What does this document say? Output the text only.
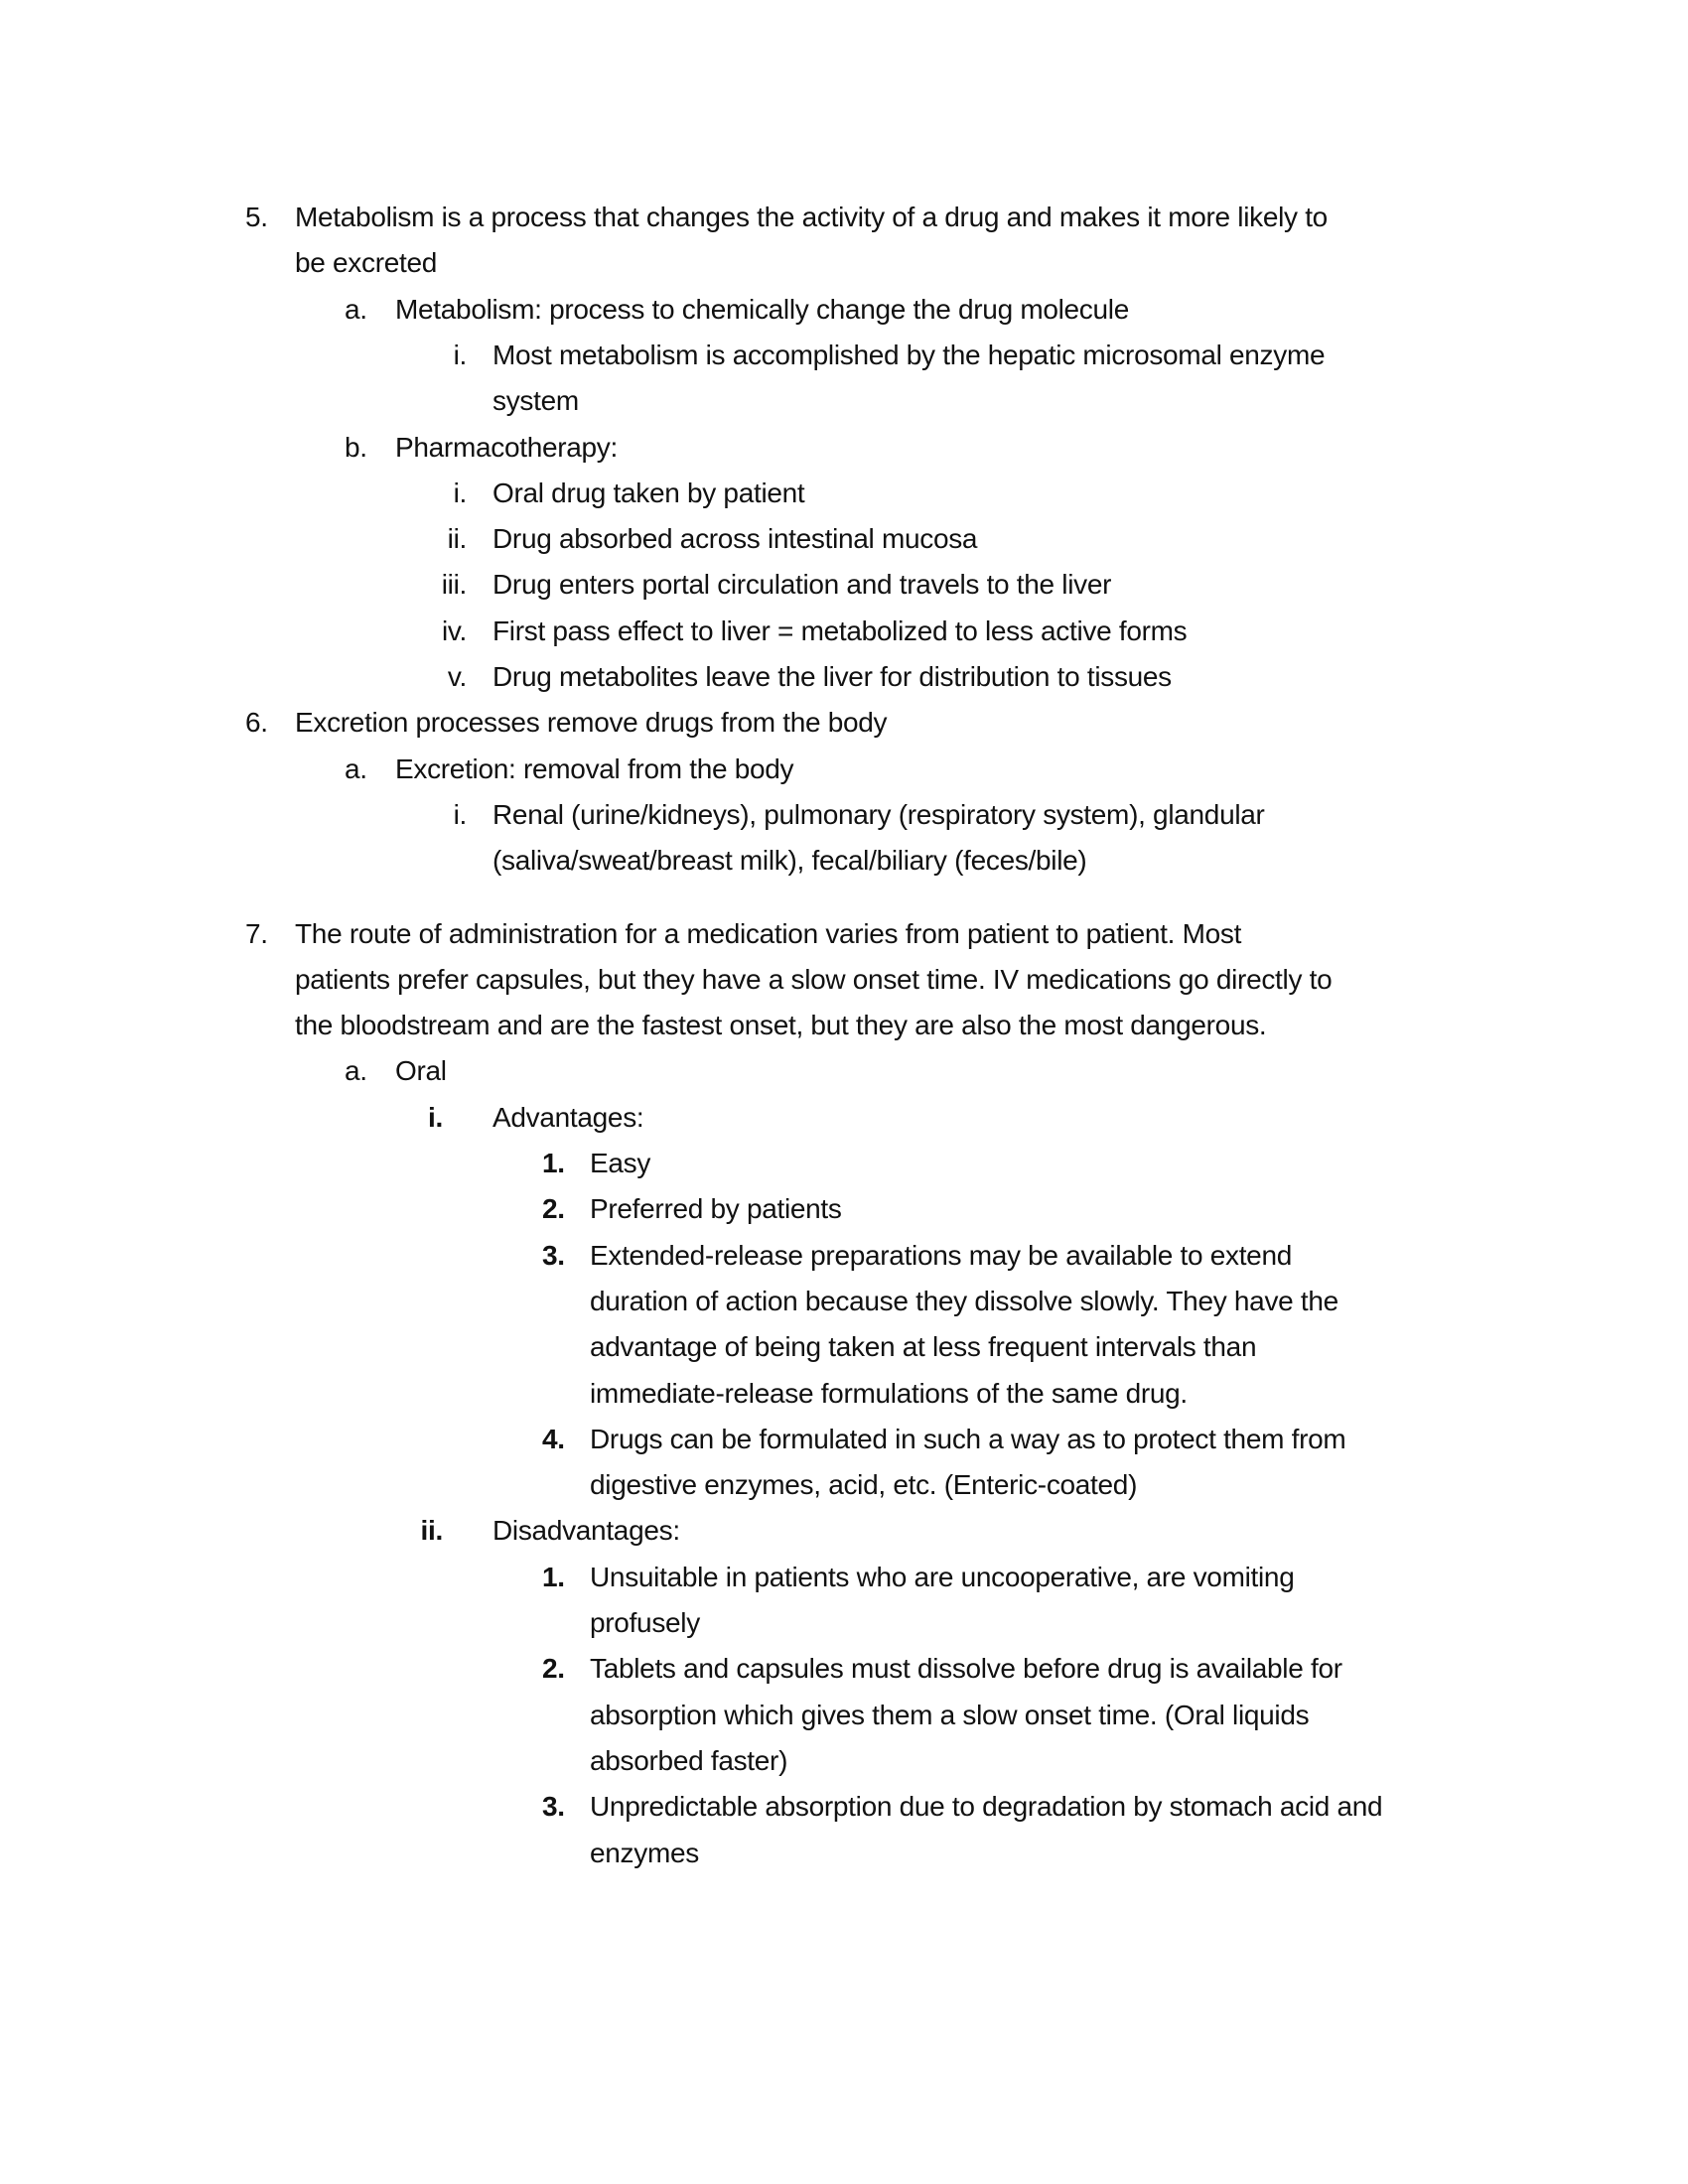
5. Metabolism is a process that changes the activity of a drug and makes it more likely to
be excreted
a. Metabolism: process to chemically change the drug molecule
i. Most metabolism is accomplished by the hepatic microsomal enzyme
system
b. Pharmacotherapy:
i. Oral drug taken by patient
ii. Drug absorbed across intestinal mucosa
iii. Drug enters portal circulation and travels to the liver
iv. First pass effect to liver = metabolized to less active forms
v. Drug metabolites leave the liver for distribution to tissues
6. Excretion processes remove drugs from the body
a. Excretion: removal from the body
i. Renal (urine/kidneys), pulmonary (respiratory system), glandular
(saliva/sweat/breast milk), fecal/biliary (feces/bile)
7. The route of administration for a medication varies from patient to patient. Most
patients prefer capsules, but they have a slow onset time. IV medications go directly to
the bloodstream and are the fastest onset, but they are also the most dangerous.
a. Oral
i. Advantages:
1. Easy
2. Preferred by patients
3. Extended-release preparations may be available to extend
duration of action because they dissolve slowly. They have the
advantage of being taken at less frequent intervals than
immediate-release formulations of the same drug.
4. Drugs can be formulated in such a way as to protect them from
digestive enzymes, acid, etc. (Enteric-coated)
ii. Disadvantages:
1. Unsuitable in patients who are uncooperative, are vomiting
profusely
2. Tablets and capsules must dissolve before drug is available for
absorption which gives them a slow onset time. (Oral liquids
absorbed faster)
3. Unpredictable absorption due to degradation by stomach acid and
enzymes
